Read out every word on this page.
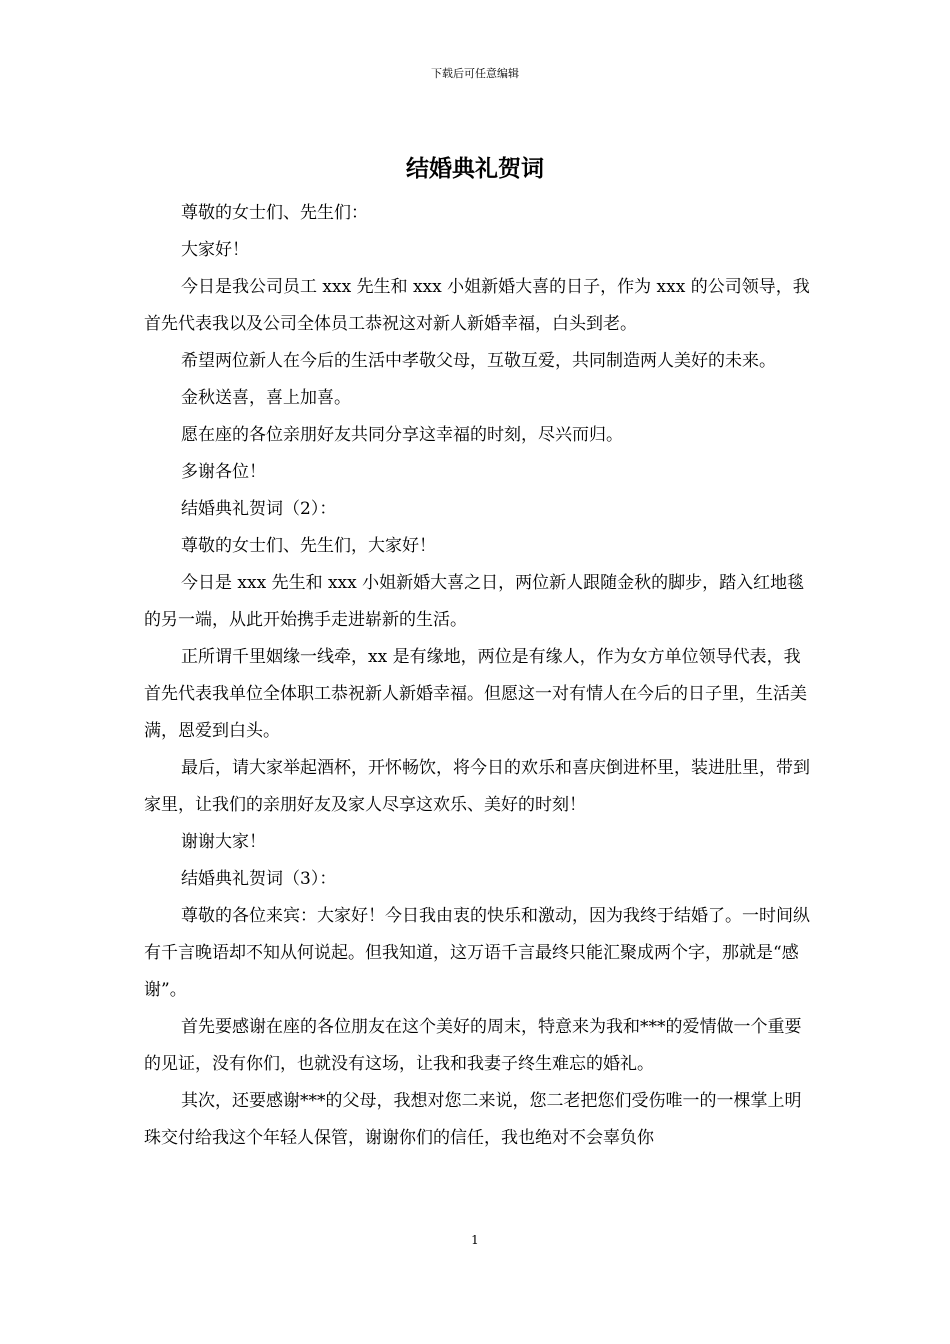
下载后可任意编辑
结婚典礼贺词

尊敬的女士们、先生们：

大家好！

今日是我公司员工 xxx 先生和 xxx 小姐新婚大喜的日子，作为 xxx 的公司领导，我首先代表我以及公司全体员工恭祝这对新人新婚幸福，白头到老。

希望两位新人在今后的生活中孝敬父母，互敬互爱，共同制造两人美好的未来。

金秋送喜，喜上加喜。

愿在座的各位亲朋好友共同分享这幸福的时刻，尽兴而归。

多谢各位！

结婚典礼贺词（2）：

尊敬的女士们、先生们，大家好！

今日是 xxx 先生和 xxx 小姐新婚大喜之日，两位新人跟随金秋的脚步，踏入红地毯的另一端，从此开始携手走进崭新的生活。

正所谓千里姻缘一线牵，xx 是有缘地，两位是有缘人，作为女方单位领导代表，我首先代表我单位全体职工恭祝新人新婚幸福。但愿这一对有情人在今后的日子里，生活美满，恩爱到白头。

最后，请大家举起酒杯，开怀畅饮，将今日的欢乐和喜庆倒进杯里，装进肚里，带到家里，让我们的亲朋好友及家人尽享这欢乐、美好的时刻！

谢谢大家！

结婚典礼贺词（3）：

尊敬的各位来宾：大家好！今日我由衷的快乐和激动，因为我终于结婚了。一时间纵有千言晚语却不知从何说起。但我知道，这万语千言最终只能汇聚成两个字，那就是“感谢”。

首先要感谢在座的各位朋友在这个美好的周末，特意来为我和***的爱情做一个重要的见证，没有你们，也就没有这场，让我和我妻子终生难忘的婚礼。

其次，还要感谢***的父母，我想对您二来说，您二老把您们受伤唯一的一棵掌上明珠交付给我这个年轻人保管，谢谢你们的信任，我也绝对不会辜负你

1
